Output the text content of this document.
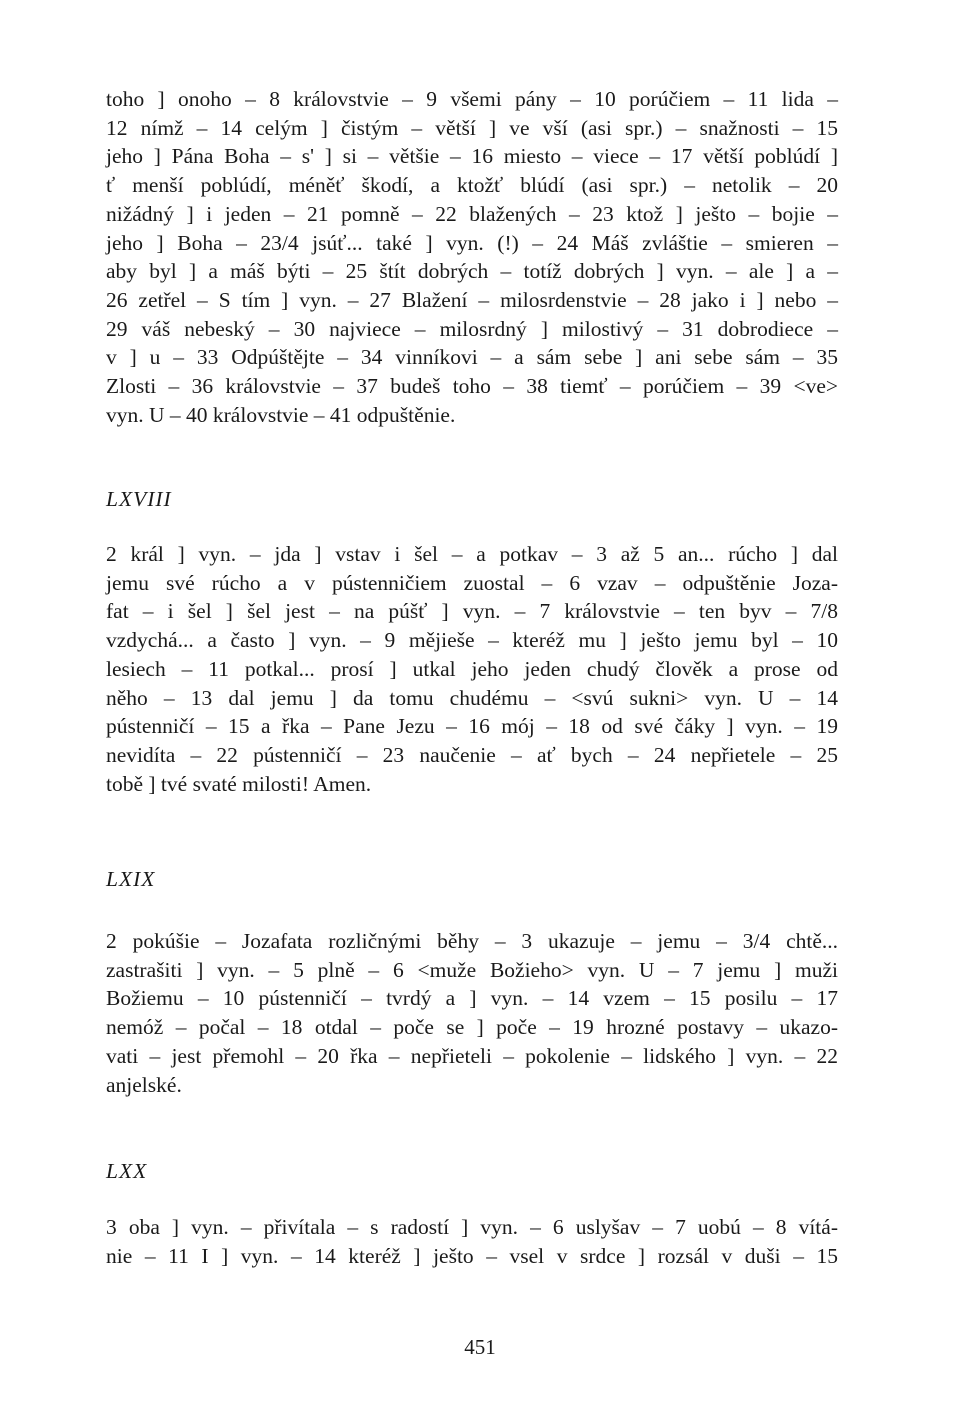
toho ] onoho – 8 královstvie – 9 všemi pány – 10 porúčiem – 11 lida –
12 nímž – 14 celým ] čistým – větší ] ve vší (asi spr.) – snažnosti – 15
jeho ] Pána Boha – s' ] si – většie – 16 miesto – viece – 17 větší poblúdí ]
ť menší poblúdí, méněť škodí, a ktožť blúdí (asi spr.) – netolik – 20
nižádný ] i jeden – 21 pomně – 22 blažených – 23 ktož ] ješto – bojie –
jeho ] Boha – 23/4 jsúť... také ] vyn. (!) – 24 Máš zvláštie – smieren –
aby byl ] a máš býti – 25 štít dobrých – totíž dobrých ] vyn. – ale ] a –
26 zetřel – S tím ] vyn. – 27 Blažení – milosrdenstvie – 28 jako i ] nebo –
29 váš nebeský – 30 najviece – milosrdný ] milostivý – 31 dobrodiece –
v ] u – 33 Odpúštějte – 34 vinníkovi – a sám sebe ] ani sebe sám – 35
Zlosti – 36 královstvie – 37 budeš toho – 38 tiemť – porúčiem – 39 <ve>
vyn. U – 40 královstvie – 41 odpuštěnie.
LXVIII
2 král ] vyn. – jda ] vstav i šel – a potkav – 3 až 5 an... rúcho ] dal
jemu své rúcho a v pústenničiem zuostal – 6 vzav – odpuštěnie Joza-
fat – i šel ] šel jest – na púšť ] vyn. – 7 královstvie – ten byv – 7/8
vzdychá... a často ] vyn. – 9 mějieše – kteréž mu ] ješto jemu byl – 10
lesiech – 11 potkal... prosí ] utkal jeho jeden chudý člověk a prose od
něho – 13 dal jemu ] da tomu chudému – <svú sukni> vyn. U – 14
pústenničí – 15 a řka – Pane Jezu – 16 mój – 18 od své čáky ] vyn. – 19
nevidíta – 22 pústenničí – 23 naučenie – ať bych – 24 nepřietele – 25
tobě ] tvé svaté milosti! Amen.
LXIX
2 pokúšie – Jozafata rozličnými běhy – 3 ukazuje – jemu – 3/4 chtě...
zastrašiti ] vyn. – 5 plně – 6 <muže Božieho> vyn. U – 7 jemu ] muži
Božiemu – 10 pústenničí – tvrdý a ] vyn. – 14 vzem – 15 posilu – 17
nemóž – počal – 18 otdal – poče se ] poče – 19 hrozné postavy – ukazo-
vati – jest přemohl – 20 řka – nepřieteli – pokolenie – lidského ] vyn. – 22
anjelské.
LXX
3 oba ] vyn. – přivítala – s radostí ] vyn. – 6 uslyšav – 7 uobú – 8 vítá-
nie – 11 I ] vyn. – 14 kteréž ] ješto – vsel v srdce ] rozsál v duši – 15
451
